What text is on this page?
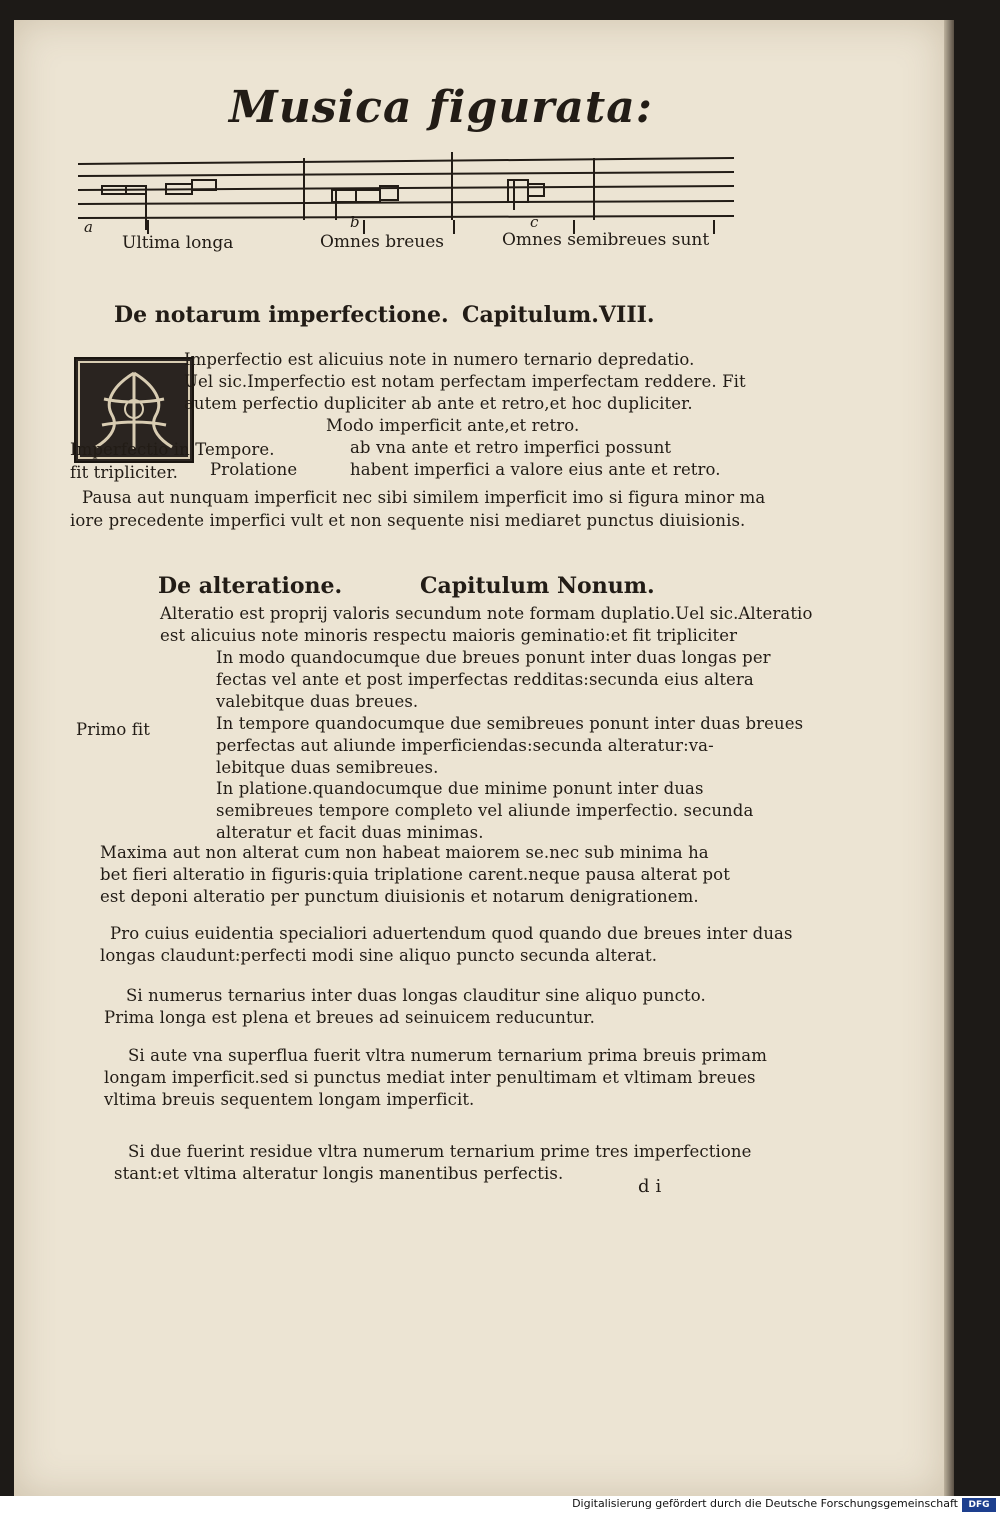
Musica figurata:
a	b	c
Ultima longa	Omnes breues	Omnes semibreues sunt
De notarum imperfectione. Capitulum.VIII.
Imperfectio est alicuius note in numero ternario depredatio.
Uel sic.Imperfectio est notam perfectam imperfectam reddere. Fit
autem perfectio dupliciter ab ante et retro,et hoc dupliciter.
Modo imperficit ante,et retro.
Imperfectio in Tempore.
fit tripliciter. Prolatione
ab vna ante et retro imperfici possunt
habent imperfici a valore eius ante et retro.
Pausa aut nunquam imperficit nec sibi similem imperficit imo si figura minor ma
iore precedente imperfici vult et non sequente nisi mediaret punctus diuisionis.
De alteratione.	Capitulum Nonum.
Alteratio est proprij valoris secundum note formam duplatio.Uel sic.Alteratio
est alicuius note minoris respectu maioris geminatio:et fit tripliciter
Primo fit
In modo quandocumque due breues ponunt inter duas longas per
fectas vel ante et post imperfectas redditas:secunda eius altera
valebitque duas breues.
In tempore quandocumque due semibreues ponunt inter duas breues
perfectas aut aliunde imperficiendas:secunda alteratur:va-
lebitque duas semibreues.
In platione.quandocumque due minime ponunt inter duas
semibreues tempore completo vel aliunde imperfectio. secunda
alteratur et facit duas minimas.
Maxima aut non alterat cum non habeat maiorem se.nec sub minima ha
bet fieri alteratio in figuris:quia triplatione carent.neque pausa alterat pot
est deponi alteratio per punctum diuisionis et notarum denigrationem.
Pro cuius euidentia specialiori aduertendum quod quando due breues inter duas
longas claudunt:perfecti modi sine aliquo puncto secunda alterat.
Si numerus ternarius inter duas longas clauditur sine aliquo puncto.
Prima longa est plena et breues ad seinuicem reducuntur.
Si aute vna superflua fuerit vltra numerum ternarium prima breuis primam
longam imperficit.sed si punctus mediat inter penultimam et vltimam breues
vltima breuis sequentem longam imperficit.
Si due fuerint residue vltra numerum ternarium prime tres imperfectione
stant:et vltima alteratur longis manentibus perfectis.
d i
Digitalisierung gefördert durch die Deutsche Forschungsgemeinschaft	DFG
